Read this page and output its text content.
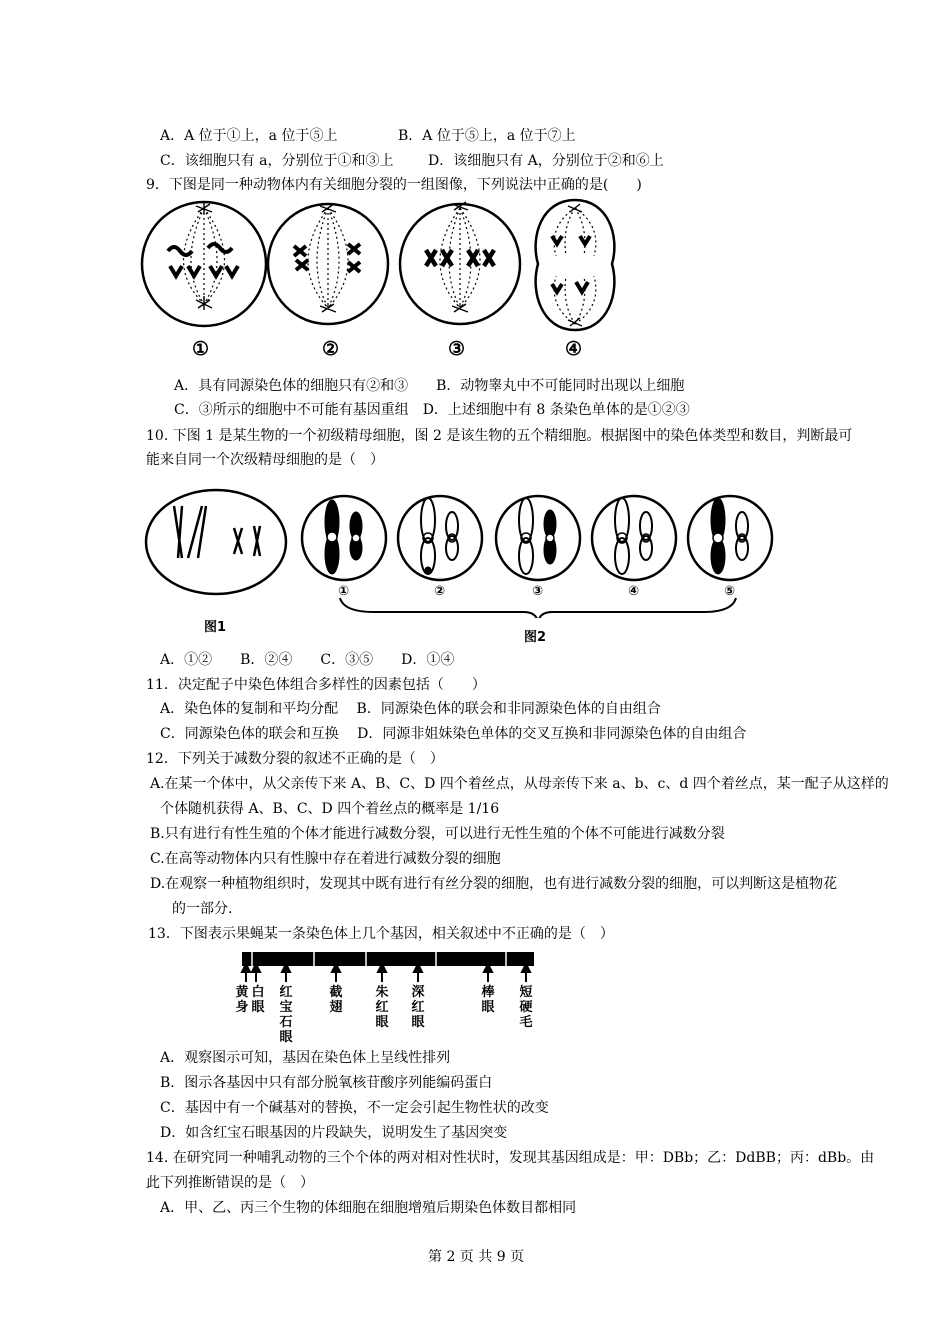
A．A 位于①上，a 位于⑤上	B．A 位于⑤上，a 位于⑦上
C．该细胞只有 a，分别位于①和③上 D．该细胞只有 A，分别位于②和⑥上
9．下图是同一种动物体内有关细胞分裂的一组图像，下列说法中正确的是(　　)
①	②	③	④
A．具有同源染色体的细胞只有②和③　　B．动物睾丸中不可能同时出现以上细胞
C．③所示的细胞中不可能有基因重组　D．上述细胞中有 8 条染色单体的是①②③
10. 下图 1 是某生物的一个初级精母细胞，图 2 是该生物的五个精细胞。根据图中的染色体类型和数目，判断最可
能来自同一个次级精母细胞的是（　）
①	②	③	④	⑤
图1
图2
A．①②　　B．②④　　C．③⑤　　D．①④
11．决定配子中染色体组合多样性的因素包括（　　）
A．染色体的复制和平均分配　 B．同源染色体的联会和非同源染色体的自由组合
C．同源染色体的联会和互换　 D．同源非姐妹染色单体的交叉互换和非同源染色体的自由组合
12．下列关于减数分裂的叙述不正确的是（　）
A.在某一个体中，从父亲传下来 A、B、C、D 四个着丝点，从母亲传下来 a、b、c、d 四个着丝点，某一配子从这样的
个体随机获得 A、B、C、D 四个着丝点的概率是 1/16
B.只有进行有性生殖的个体才能进行减数分裂，可以进行无性生殖的个体不可能进行减数分裂
C.在高等动物体内只有性腺中存在着进行减数分裂的细胞
D.在观察一种植物组织时，发现其中既有进行有丝分裂的细胞，也有进行减数分裂的细胞，可以判断这是植物花
的一部分.
13．下图表示果蝇某一条染色体上几个基因，相关叙述中不正确的是（　）
黄
身
白
眼
红
宝
石
眼
截
翅
朱
红
眼
深
红
眼
棒
眼
短
硬
毛
A．观察图示可知，基因在染色体上呈线性排列
B．图示各基因中只有部分脱氧核苷酸序列能编码蛋白
C．基因中有一个碱基对的替换，不一定会引起生物性状的改变
D．如含红宝石眼基因的片段缺失，说明发生了基因突变
14. 在研究同一种哺乳动物的三个个体的两对相对性状时，发现其基因组成是：甲：DBb；乙：DdBB；丙：dBb。由
此下列推断错误的是（　）
A．甲、乙、丙三个生物的体细胞在细胞增殖后期染色体数目都相同
第 2 页 共 9 页
